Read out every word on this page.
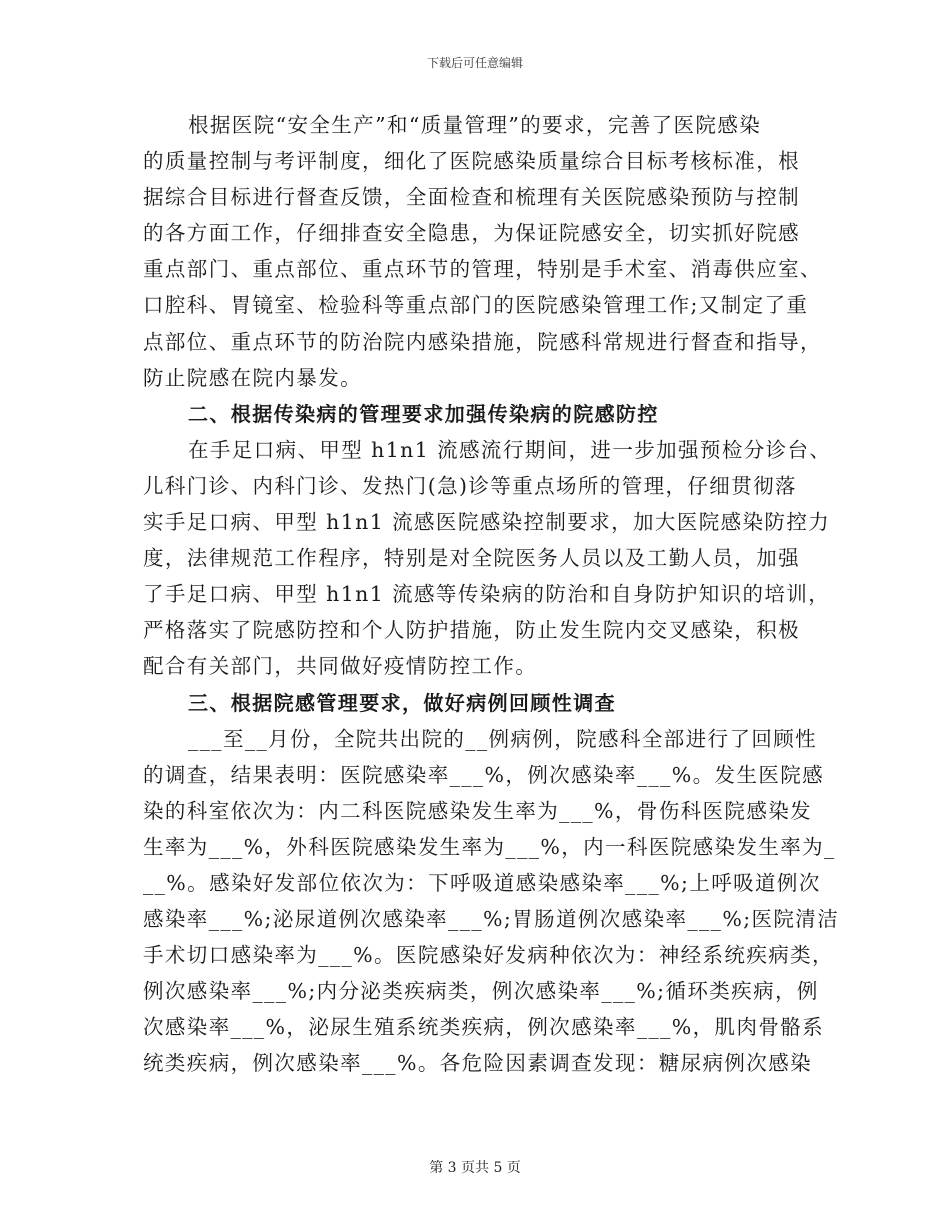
下载后可任意编辑
根据医院“安全生产”和“质量管理”的要求，完善了医院感染
的质量控制与考评制度，细化了医院感染质量综合目标考核标准，根
据综合目标进行督查反馈，全面检查和梳理有关医院感染预防与控制
的各方面工作，仔细排查安全隐患，为保证院感安全，切实抓好院感
重点部门、重点部位、重点环节的管理，特别是手术室、消毒供应室、
口腔科、胃镜室、检验科等重点部门的医院感染管理工作;又制定了重
点部位、重点环节的防治院内感染措施，院感科常规进行督查和指导，
防止院感在院内暴发。
二、根据传染病的管理要求加强传染病的院感防控
在手足口病、甲型 h1n1 流感流行期间，进一步加强预检分诊台、
儿科门诊、内科门诊、发热门(急)诊等重点场所的管理，仔细贯彻落
实手足口病、甲型 h1n1 流感医院感染控制要求，加大医院感染防控力
度，法律规范工作程序，特别是对全院医务人员以及工勤人员，加强
了手足口病、甲型 h1n1 流感等传染病的防治和自身防护知识的培训，
严格落实了院感防控和个人防护措施，防止发生院内交叉感染，积极
配合有关部门，共同做好疫情防控工作。
三、根据院感管理要求，做好病例回顾性调查
___至__月份，全院共出院的__例病例，院感科全部进行了回顾性
的调查，结果表明：医院感染率___%，例次感染率___%。发生医院感
染的科室依次为：内二科医院感染发生率为___%，骨伤科医院感染发
生率为___%，外科医院感染发生率为___%，内一科医院感染发生率为_
__%。感染好发部位依次为：下呼吸道感染感染率___%;上呼吸道例次
感染率___%;泌尿道例次感染率___%;胃肠道例次感染率___%;医院清洁
手术切口感染率为___%。医院感染好发病种依次为：神经系统疾病类，
例次感染率___%;内分泌类疾病类，例次感染率___%;循环类疾病，例
次感染率___%，泌尿生殖系统类疾病，例次感染率___%，肌肉骨骼系
统类疾病，例次感染率___%。各危险因素调查发现：糖尿病例次感染
第 3 页共 5 页
